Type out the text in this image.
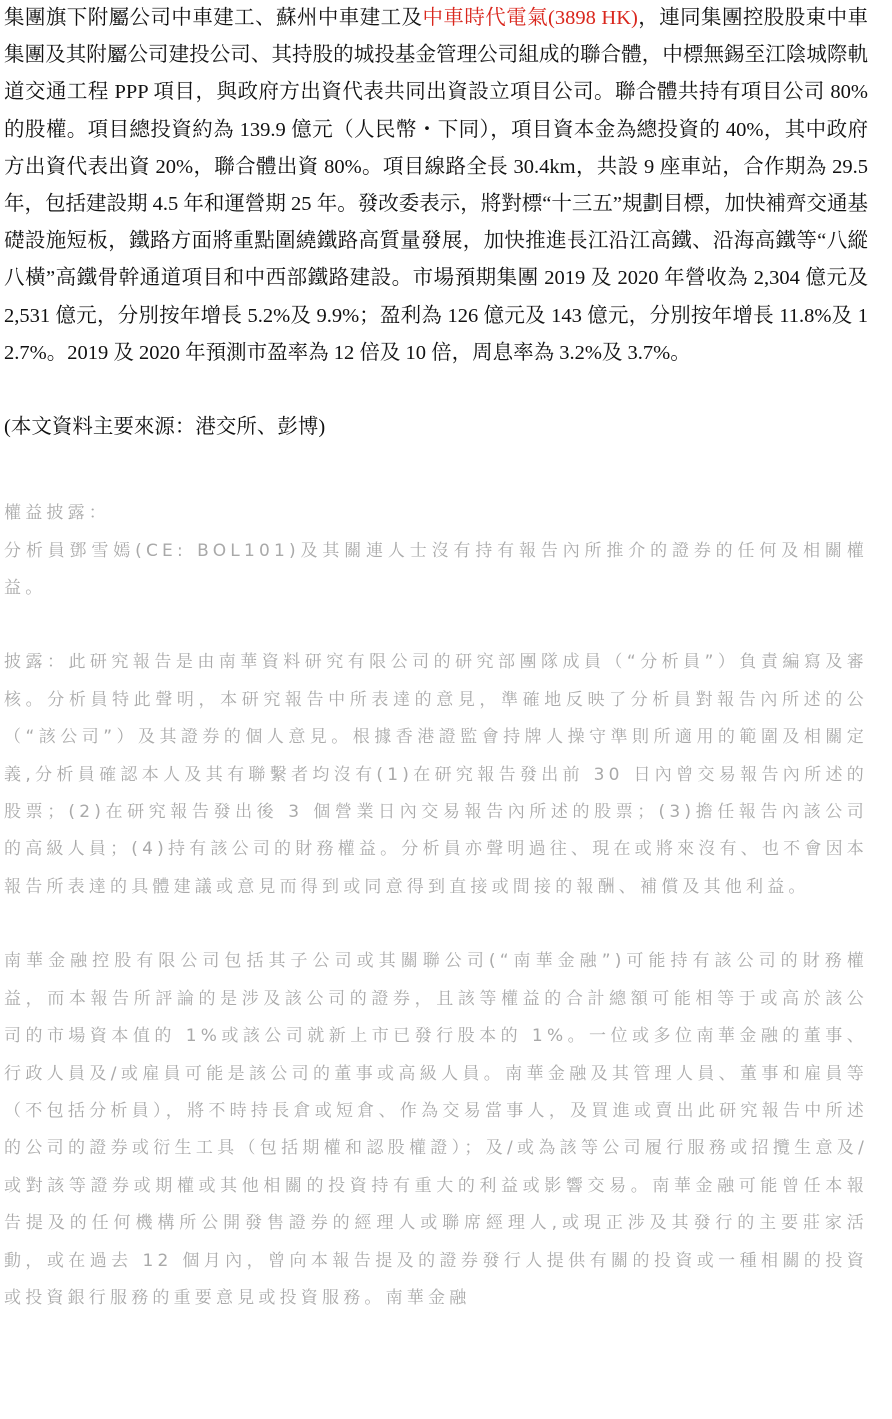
集團旗下附屬公司中車建工、蘇州中車建工及中車時代電氣(3898 HK)，連同集團控股股東中車集團及其附屬公司建投公司、其持股的城投基金管理公司組成的聯合體，中標無錫至江陰城際軌道交通工程 PPP 項目，與政府方出資代表共同出資設立項目公司。聯合體共持有項目公司 80%的股權。項目總投資約為 139.9 億元（人民幣・下同），項目資本金為總投資的 40%，其中政府方出資代表出資 20%，聯合體出資 80%。項目線路全長 30.4km，共設 9 座車站，合作期為 29.5 年，包括建設期 4.5 年和運營期 25 年。發改委表示，將對標“十三五”規劃目標，加快補齊交通基礎設施短板，鐵路方面將重點圍繞鐵路高質量發展，加快推進長江沿江高鐵、沿海高鐵等“八縱八橫”高鐵骨幹通道項目和中西部鐵路建設。市場預期集團 2019 及 2020 年營收為 2,304 億元及 2,531 億元，分別按年增長 5.2%及 9.9%；盈利為 126 億元及 143 億元，分別按年增長 11.8%及 12.7%。2019 及 2020 年預測市盈率為 12 倍及 10 倍，周息率為 3.2%及 3.7%。

(本文資料主要來源：港交所、彭博)

權益披露：
分析員鄧雪嫣(CE: BOL101)及其關連人士沒有持有報告內所推介的證券的任何及相關權益。

披露：此研究報告是由南華資料研究有限公司的研究部團隊成員（“分析員”）負責編寫及審核。分析員特此聲明，本研究報告中所表達的意見，準確地反映了分析員對報告內所述的公（“該公司”）及其證券的個人意見。根據香港證監會持牌人操守準則所適用的範圍及相關定義,分析員確認本人及其有聯繫者均沒有(1)在研究報告發出前 30 日內曾交易報告內所述的股票；(2)在研究報告發出後 3 個營業日內交易報告內所述的股票；(3)擔任報告內該公司的高級人員；(4)持有該公司的財務權益。分析員亦聲明過往、現在或將來沒有、也不會因本報告所表達的具體建議或意見而得到或同意得到直接或間接的報酬、補償及其他利益。

南華金融控股有限公司包括其子公司或其關聯公司(“南華金融”)可能持有該公司的財務權益，而本報告所評論的是涉及該公司的證券，且該等權益的合計總額可能相等于或高於該公司的市場資本值的 1%或該公司就新上市已發行股本的 1%。一位或多位南華金融的董事、行政人員及/或雇員可能是該公司的董事或高級人員。南華金融及其管理人員、董事和雇員等（不包括分析員），將不時持長倉或短倉、作為交易當事人，及買進或賣出此研究報告中所述的公司的證券或衍生工具（包括期權和認股權證）；及/或為該等公司履行服務或招攬生意及/或對該等證券或期權或其他相關的投資持有重大的利益或影響交易。南華金融可能曾任本報告提及的任何機構所公開發售證券的經理人或聯席經理人,或現正涉及其發行的主要莊家活動，或在過去 12 個月內，曾向本報告提及的證券發行人提供有關的投資或一種相關的投資或投資銀行服務的重要意見或投資服務。南華金融
